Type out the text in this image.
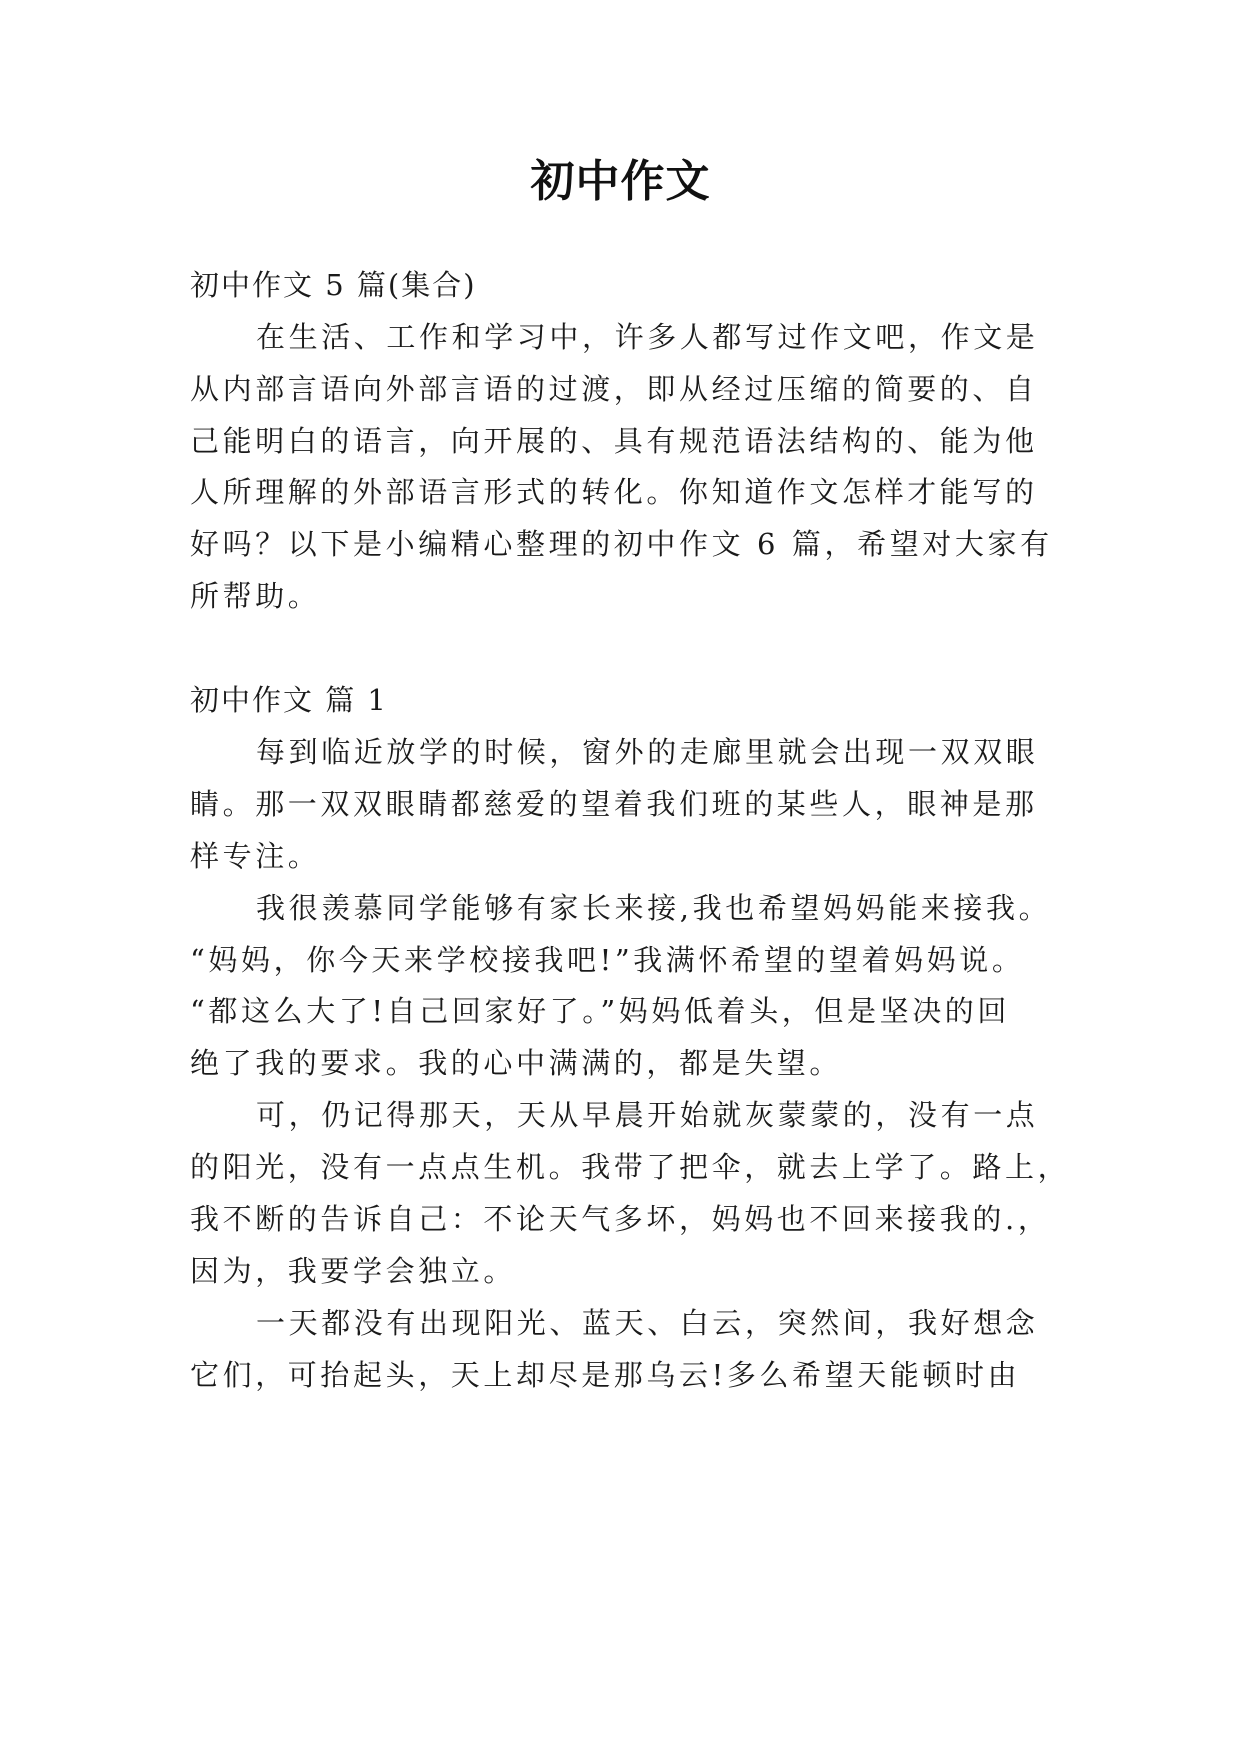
初中作文
初中作文 5 篇(集合)
在生活、工作和学习中，许多人都写过作文吧，作文是
从内部言语向外部言语的过渡，即从经过压缩的简要的、自
己能明白的语言，向开展的、具有规范语法结构的、能为他
人所理解的外部语言形式的转化。你知道作文怎样才能写的
好吗？以下是小编精心整理的初中作文 6 篇，希望对大家有
所帮助。
初中作文 篇 1
每到临近放学的时候，窗外的走廊里就会出现一双双眼
睛。那一双双眼睛都慈爱的望着我们班的某些人，眼神是那
样专注。
我很羡慕同学能够有家长来接,我也希望妈妈能来接我。
“妈妈，你今天来学校接我吧!”我满怀希望的望着妈妈说。
“都这么大了!自己回家好了。”妈妈低着头，但是坚决的回
绝了我的要求。我的心中满满的，都是失望。
可，仍记得那天，天从早晨开始就灰蒙蒙的，没有一点
的阳光，没有一点点生机。我带了把伞，就去上学了。路上，
我不断的告诉自己：不论天气多坏，妈妈也不回来接我的.，
因为，我要学会独立。
一天都没有出现阳光、蓝天、白云，突然间，我好想念
它们，可抬起头，天上却尽是那乌云!多么希望天能顿时由
